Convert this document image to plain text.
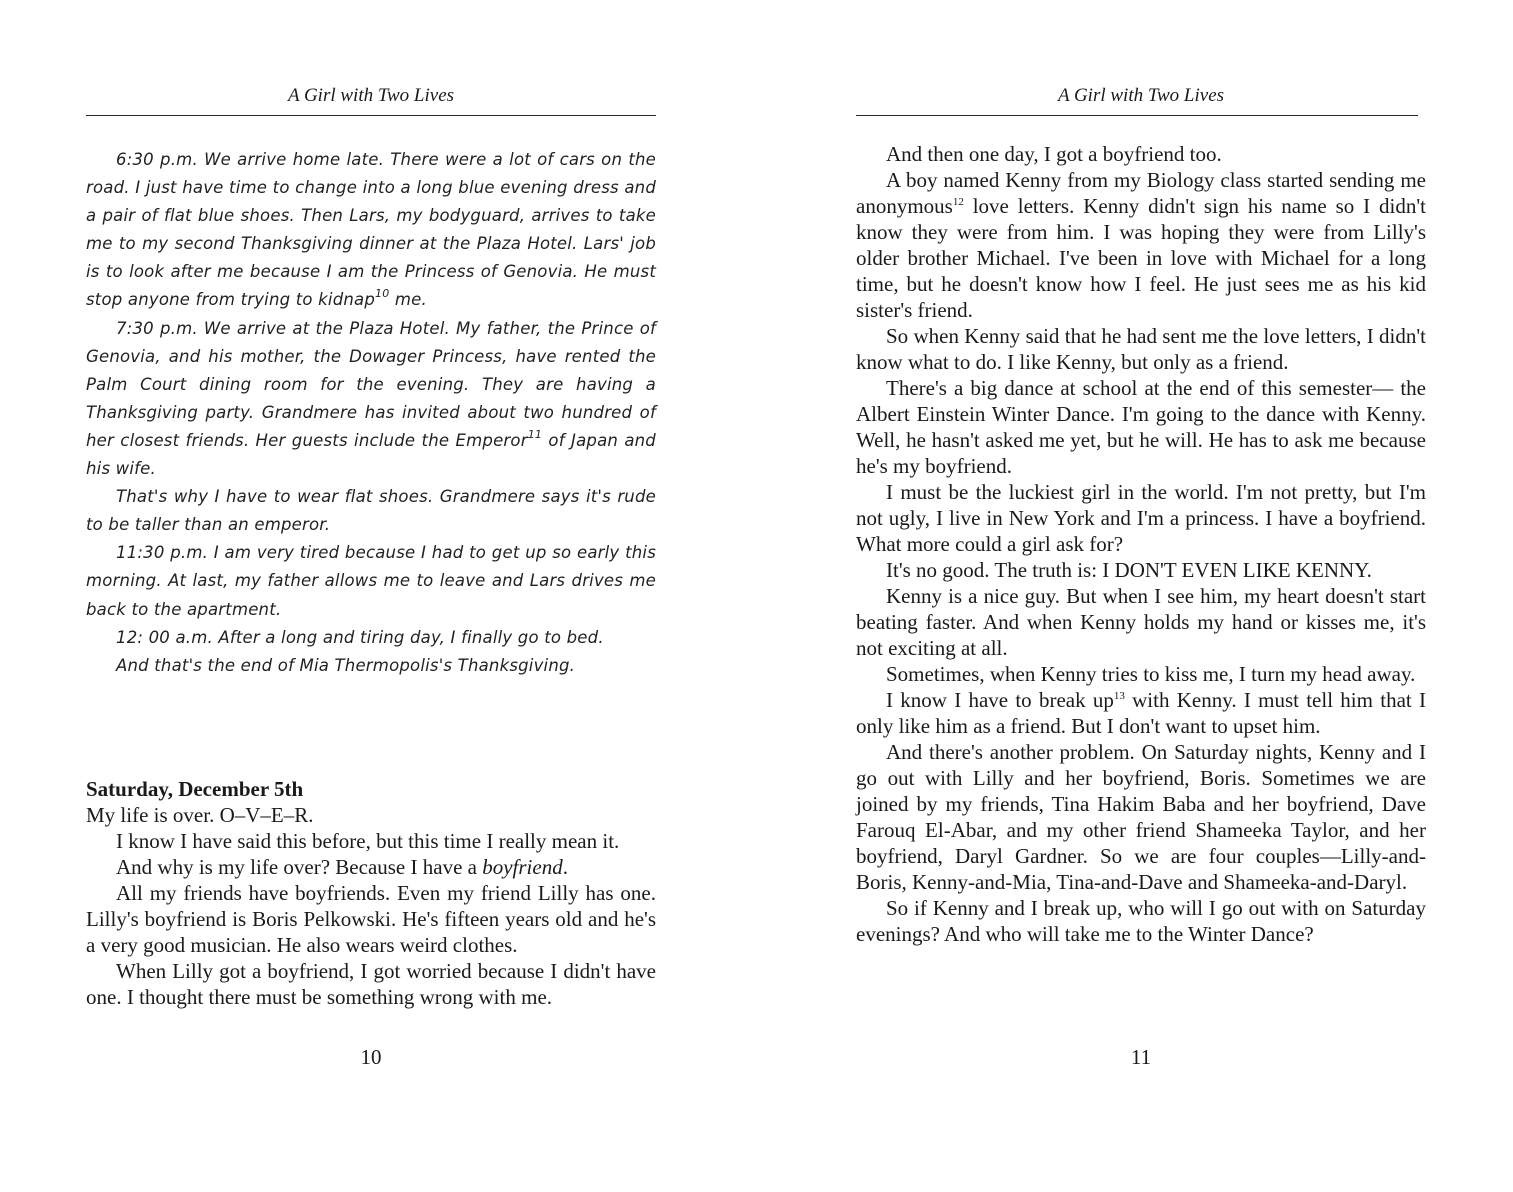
A Girl with Two Lives

6:30 p.m. We arrive home late. There were a lot of cars on the road. I just have time to change into a long blue evening dress and a pair of flat blue shoes. Then Lars, my bodyguard, arrives to take me to my second Thanksgiving dinner at the Plaza Hotel. Lars' job is to look after me because I am the Princess of Genovia. He must stop anyone from trying to kidnap$^{10}$ me.

7:30 p.m. We arrive at the Plaza Hotel. My father, the Prince of Genovia, and his mother, the Dowager Princess, have rented the Palm Court dining room for the evening. They are having a Thanksgiving party. Grandmere has invited about two hundred of her closest friends. Her guests include the Emperor$^{11}$ of Japan and his wife.

That's why I have to wear flat shoes. Grandmere says it's rude to be taller than an emperor.

11:30 p.m. I am very tired because I had to get up so early this morning. At last, my father allows me to leave and Lars drives me back to the apartment.

12: 00 a.m. After a long and tiring day, I finally go to bed.

And that's the end of Mia Thermopolis's Thanksgiving.

Saturday, December 5th

My life is over. O–V–E–R.

I know I have said this before, but this time I really mean it.

And why is my life over? Because I have a boyfriend.

All my friends have boyfriends. Even my friend Lilly has one. Lilly's boyfriend is Boris Pelkowski. He's fifteen years old and he's a very good musician. He also wears weird clothes.

When Lilly got a boyfriend, I got worried because I didn't have one. I thought there must be something wrong with me.

10
A Girl with Two Lives

And then one day, I got a boyfriend too.

A boy named Kenny from my Biology class started sending me anonymous$^{12}$ love letters. Kenny didn't sign his name so I didn't know they were from him. I was hoping they were from Lilly's older brother Michael. I've been in love with Michael for a long time, but he doesn't know how I feel. He just sees me as his kid sister's friend.

So when Kenny said that he had sent me the love letters, I didn't know what to do. I like Kenny, but only as a friend.

There's a big dance at school at the end of this semester— the Albert Einstein Winter Dance. I'm going to the dance with Kenny. Well, he hasn't asked me yet, but he will. He has to ask me because he's my boyfriend.

I must be the luckiest girl in the world. I'm not pretty, but I'm not ugly, I live in New York and I'm a princess. I have a boyfriend. What more could a girl ask for?

It's no good. The truth is: I DON'T EVEN LIKE KENNY.

Kenny is a nice guy. But when I see him, my heart doesn't start beating faster. And when Kenny holds my hand or kisses me, it's not exciting at all.

Sometimes, when Kenny tries to kiss me, I turn my head away.

I know I have to break $up^{13}$ with Kenny. I must tell him that I only like him as a friend. But I don't want to upset him.

And there's another problem. On Saturday nights, Kenny and I go out with Lilly and her boyfriend, Boris. Sometimes we are joined by my friends, Tina Hakim Baba and her boyfriend, Dave Farouq El-Abar, and my other friend Shameeka Taylor, and her boyfriend, Daryl Gardner. So we are four couples—Lilly-and-Boris, Kenny-and-Mia, Tina-and-Dave and Shameeka-and-Daryl.

So if Kenny and I break up, who will I go out with on Saturday evenings? And who will take me to the Winter Dance?

11
